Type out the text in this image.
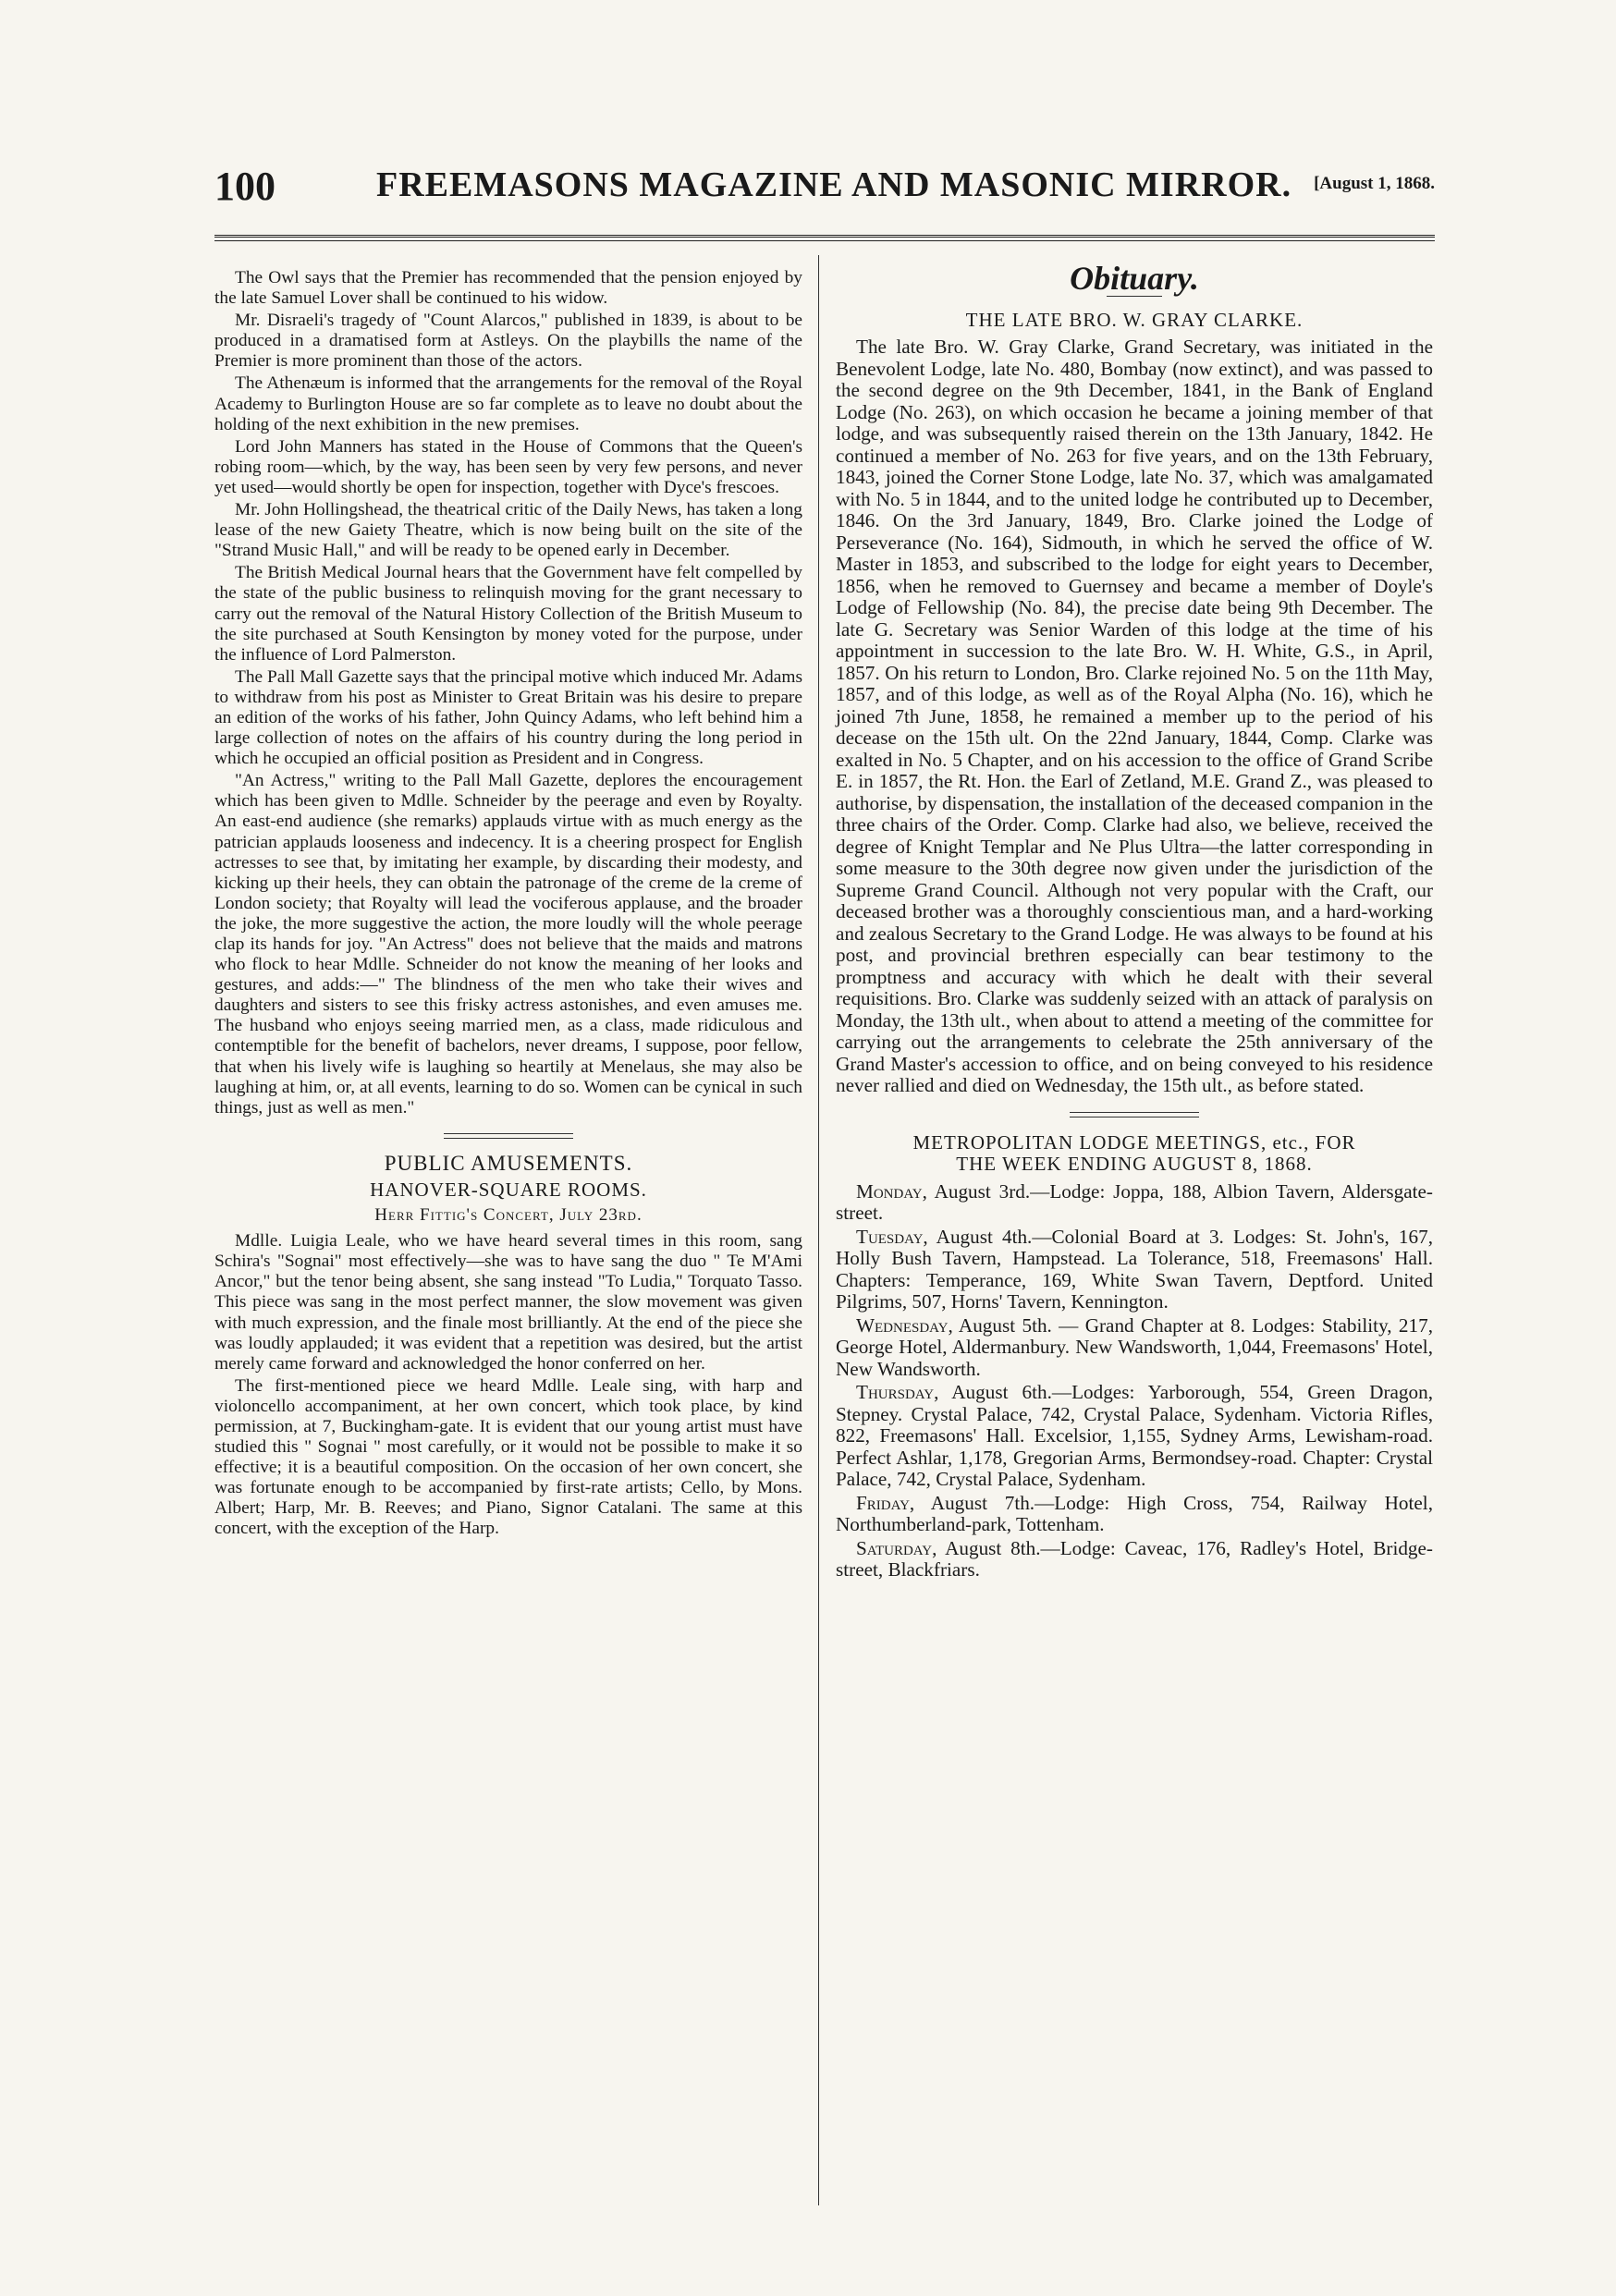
100	FREEMASONS MAGAZINE AND MASONIC MIRROR. [August 1, 1868.

The Owl says that the Premier has recommended that the pension enjoyed by the late Samuel Lover shall be continued to his widow.

Mr. Disraeli's tragedy of "Count Alarcos," published in 1839, is about to be produced in a dramatised form at Astleys. On the playbills the name of the Premier is more prominent than those of the actors.

The Athenæum is informed that the arrangements for the removal of the Royal Academy to Burlington House are so far complete as to leave no doubt about the holding of the next exhibition in the new premises.

Lord John Manners has stated in the House of Commons that the Queen's robing room—which, by the way, has been seen by very few persons, and never yet used—would shortly be open for inspection, together with Dyce's frescoes.

Mr. John Hollingshead, the theatrical critic of the Daily News, has taken a long lease of the new Gaiety Theatre, which is now being built on the site of the "Strand Music Hall," and will be ready to be opened early in December.

The British Medical Journal hears that the Government have felt compelled by the state of the public business to relinquish moving for the grant necessary to carry out the removal of the Natural History Collection of the British Museum to the site purchased at South Kensington by money voted for the purpose, under the influence of Lord Palmerston.

The Pall Mall Gazette says that the principal motive which induced Mr. Adams to withdraw from his post as Minister to Great Britain was his desire to prepare an edition of the works of his father, John Quincy Adams, who left behind him a large collection of notes on the affairs of his country during the long period in which he occupied an official position as President and in Congress.

"An Actress," writing to the Pall Mall Gazette, deplores the encouragement which has been given to Mdlle. Schneider by the peerage and even by Royalty. An east-end audience (she remarks) applauds virtue with as much energy as the patrician applauds looseness and indecency. It is a cheering prospect for English actresses to see that, by imitating her example, by discarding their modesty, and kicking up their heels, they can obtain the patronage of the creme de la creme of London society; that Royalty will lead the vociferous applause, and the broader the joke, the more suggestive the action, the more loudly will the whole peerage clap its hands for joy. "An Actress" does not believe that the maids and matrons who flock to hear Mdlle. Schneider do not know the meaning of her looks and gestures, and adds:—" The blindness of the men who take their wives and daughters and sisters to see this frisky actress astonishes, and even amuses me. The husband who enjoys seeing married men, as a class, made ridiculous and contemptible for the benefit of bachelors, never dreams, I suppose, poor fellow, that when his lively wife is laughing so heartily at Menelaus, she may also be laughing at him, or, at all events, learning to do so. Women can be cynical in such things, just as well as men."

PUBLIC AMUSEMENTS.
HANOVER-SQUARE ROOMS.
Herr Fittig's Concert, July 23rd.

Mdlle. Luigia Leale, who we have heard several times in this room, sang Schira's "Sognai" most effectively—she was to have sang the duo " Te M'Ami Ancor," but the tenor being absent, she sang instead "To Ludia," Torquato Tasso. This piece was sang in the most perfect manner, the slow movement was given with much expression, and the finale most brilliantly. At the end of the piece she was loudly applauded; it was evident that a repetition was desired, but the artist merely came forward and acknowledged the honor conferred on her.

The first-mentioned piece we heard Mdlle. Leale sing, with harp and violoncello accompaniment, at her own concert, which took place, by kind permission, at 7, Buckingham-gate. It is evident that our young artist must have studied this " Sognai " most carefully, or it would not be possible to make it so effective; it is a beautiful composition. On the occasion of her own concert, she was fortunate enough to be accompanied by first-rate artists; Cello, by Mons. Albert; Harp, Mr. B. Reeves; and Piano, Signor Catalani. The same at this concert, with the exception of the Harp.

Obituary.
THE LATE BRO. W. GRAY CLARKE.

The late Bro. W. Gray Clarke, Grand Secretary, was initiated in the Benevolent Lodge, late No. 480, Bombay (now extinct), and was passed to the second degree on the 9th December, 1841, in the Bank of England Lodge (No. 263), on which occasion he became a joining member of that lodge, and was subsequently raised therein on the 13th January, 1842. He continued a member of No. 263 for five years, and on the 13th February, 1843, joined the Corner Stone Lodge, late No. 37, which was amalgamated with No. 5 in 1844, and to the united lodge he contributed up to December, 1846. On the 3rd January, 1849, Bro. Clarke joined the Lodge of Perseverance (No. 164), Sidmouth, in which he served the office of W. Master in 1853, and subscribed to the lodge for eight years to December, 1856, when he removed to Guernsey and became a member of Doyle's Lodge of Fellowship (No. 84), the precise date being 9th December. The late G. Secretary was Senior Warden of this lodge at the time of his appointment in succession to the late Bro. W. H. White, G.S., in April, 1857. On his return to London, Bro. Clarke rejoined No. 5 on the 11th May, 1857, and of this lodge, as well as of the Royal Alpha (No. 16), which he joined 7th June, 1858, he remained a member up to the period of his decease on the 15th ult. On the 22nd January, 1844, Comp. Clarke was exalted in No. 5 Chapter, and on his accession to the office of Grand Scribe E. in 1857, the Rt. Hon. the Earl of Zetland, M.E. Grand Z., was pleased to authorise, by dispensation, the installation of the deceased companion in the three chairs of the Order. Comp. Clarke had also, we believe, received the degree of Knight Templar and Ne Plus Ultra—the latter corresponding in some measure to the 30th degree now given under the jurisdiction of the Supreme Grand Council. Although not very popular with the Craft, our deceased brother was a thoroughly conscientious man, and a hard-working and zealous Secretary to the Grand Lodge. He was always to be found at his post, and provincial brethren especially can bear testimony to the promptness and accuracy with which he dealt with their several requisitions. Bro. Clarke was suddenly seized with an attack of paralysis on Monday, the 13th ult., when about to attend a meeting of the committee for carrying out the arrangements to celebrate the 25th anniversary of the Grand Master's accession to office, and on being conveyed to his residence never rallied and died on Wednesday, the 15th ult., as before stated.

METROPOLITAN LODGE MEETINGS, etc., FOR
THE WEEK ENDING AUGUST 8, 1868.

Monday, August 3rd.—Lodge: Joppa, 188, Albion Tavern, Aldersgate-street.

Tuesday, August 4th.—Colonial Board at 3. Lodges: St. John's, 167, Holly Bush Tavern, Hampstead. La Tolerance, 518, Freemasons' Hall. Chapters: Temperance, 169, White Swan Tavern, Deptford. United Pilgrims, 507, Horns' Tavern, Kennington.

Wednesday, August 5th. — Grand Chapter at 8. Lodges: Stability, 217, George Hotel, Aldermanbury. New Wandsworth, 1,044, Freemasons' Hotel, New Wandsworth.

Thursday, August 6th.—Lodges: Yarborough, 554, Green Dragon, Stepney. Crystal Palace, 742, Crystal Palace, Sydenham. Victoria Rifles, 822, Freemasons' Hall. Excelsior, 1,155, Sydney Arms, Lewisham-road. Perfect Ashlar, 1,178, Gregorian Arms, Bermondsey-road. Chapter: Crystal Palace, 742, Crystal Palace, Sydenham.

Friday, August 7th.—Lodge: High Cross, 754, Railway Hotel, Northumberland-park, Tottenham.

Saturday, August 8th.—Lodge: Caveac, 176, Radley's Hotel, Bridge-street, Blackfriars.
